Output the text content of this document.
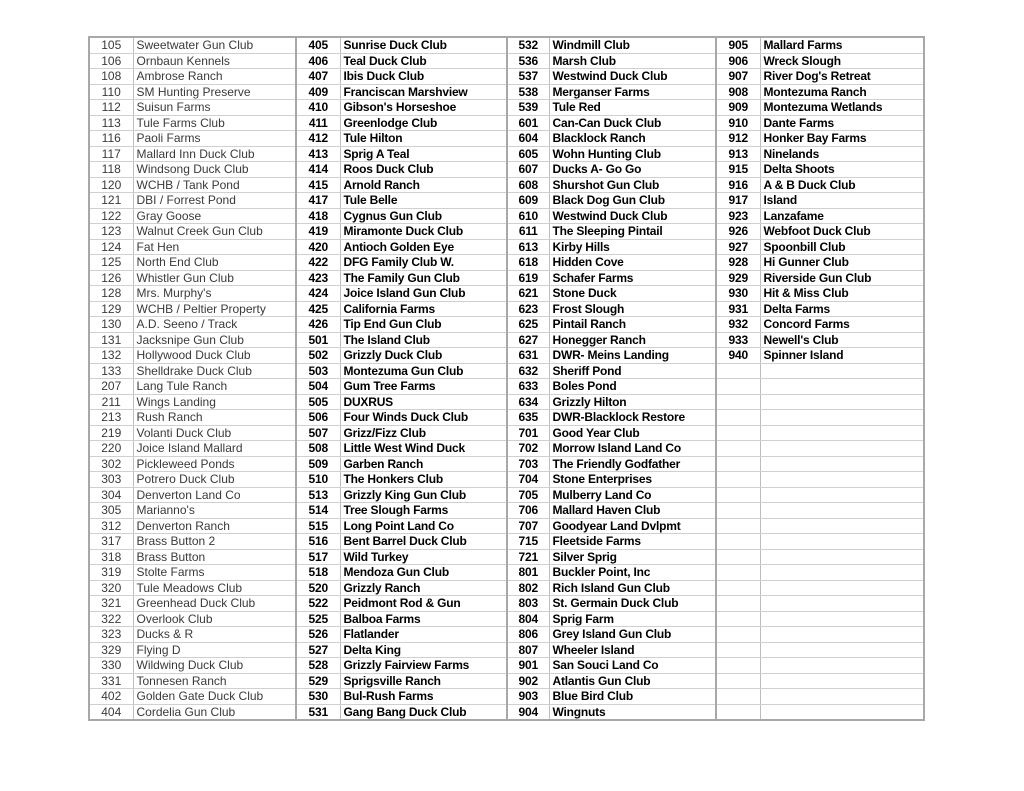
105	Sweetwater Gun Club	405	Sunrise Duck Club	532	Windmill Club	905	Mallard Farms
106	Ornbaun Kennels	406	Teal Duck Club	536	Marsh Club	906	Wreck Slough
108	Ambrose Ranch	407	Ibis Duck Club	537	Westwind Duck Club	907	River Dog's Retreat
110	SM Hunting Preserve	409	Franciscan Marshview	538	Merganser Farms	908	Montezuma Ranch
112	Suisun Farms	410	Gibson's Horseshoe	539	Tule Red	909	Montezuma Wetlands
113	Tule Farms Club	411	Greenlodge Club	601	Can-Can Duck Club	910	Dante Farms
116	Paoli Farms	412	Tule Hilton	604	Blacklock Ranch	912	Honker Bay Farms
117	Mallard Inn Duck Club	413	Sprig A Teal	605	Wohn Hunting Club	913	Ninelands
118	Windsong Duck Club	414	Roos Duck Club	607	Ducks A- Go Go	915	Delta Shoots
120	WCHB / Tank Pond	415	Arnold Ranch	608	Shurshot Gun Club	916	A & B Duck Club
121	DBI / Forrest Pond	417	Tule Belle	609	Black Dog Gun Club	917	Island
122	Gray Goose	418	Cygnus Gun Club	610	Westwind Duck Club	923	Lanzafame
123	Walnut Creek Gun Club	419	Miramonte Duck Club	611	The Sleeping Pintail	926	Webfoot Duck Club
124	Fat Hen	420	Antioch Golden Eye	613	Kirby Hills	927	Spoonbill Club
125	North End Club	422	DFG Family Club W.	618	Hidden Cove	928	Hi Gunner Club
126	Whistler Gun Club	423	The Family Gun Club	619	Schafer Farms	929	Riverside Gun Club
128	Mrs. Murphy's	424	Joice Island Gun Club	621	Stone Duck	930	Hit & Miss Club
129	WCHB / Peltier Property	425	California Farms	623	Frost Slough	931	Delta Farms
130	A.D. Seeno / Track	426	Tip End Gun Club	625	Pintail Ranch	932	Concord Farms
131	Jacksnipe Gun Club	501	The Island Club	627	Honegger Ranch	933	Newell's Club
132	Hollywood Duck Club	502	Grizzly Duck Club	631	DWR- Meins Landing	940	Spinner Island
133	Shelldrake Duck Club	503	Montezuma Gun Club	632	Sheriff Pond		
207	Lang Tule Ranch	504	Gum Tree Farms	633	Boles Pond		
211	Wings Landing	505	DUXRUS	634	Grizzly Hilton		
213	Rush Ranch	506	Four Winds Duck Club	635	DWR-Blacklock Restore		
219	Volanti Duck Club	507	Grizz/Fizz Club	701	Good Year Club		
220	Joice Island Mallard	508	Little West Wind Duck	702	Morrow Island Land Co		
302	Pickleweed Ponds	509	Garben Ranch	703	The Friendly Godfather		
303	Potrero Duck Club	510	The Honkers Club	704	Stone Enterprises		
304	Denverton Land Co	513	Grizzly King Gun Club	705	Mulberry Land Co		
305	Marianno's	514	Tree Slough Farms	706	Mallard Haven Club		
312	Denverton Ranch	515	Long Point Land Co	707	Goodyear Land Dvlpmt		
317	Brass Button 2	516	Bent Barrel Duck Club	715	Fleetside Farms		
318	Brass Button	517	Wild Turkey	721	Silver Sprig		
319	Stolte Farms	518	Mendoza Gun Club	801	Buckler Point, Inc		
320	Tule Meadows Club	520	Grizzly Ranch	802	Rich Island Gun Club		
321	Greenhead Duck Club	522	Peidmont Rod & Gun	803	St. Germain Duck Club		
322	Overlook Club	525	Balboa Farms	804	Sprig Farm		
323	Ducks & R	526	Flatlander	806	Grey Island Gun Club		
329	Flying D	527	Delta King	807	Wheeler Island		
330	Wildwing Duck Club	528	Grizzly Fairview Farms	901	San Souci Land Co		
331	Tonnesen Ranch	529	Sprigsville Ranch	902	Atlantis Gun Club		
402	Golden Gate Duck Club	530	Bul-Rush Farms	903	Blue Bird Club		
404	Cordelia Gun Club	531	Gang Bang Duck Club	904	Wingnuts		
